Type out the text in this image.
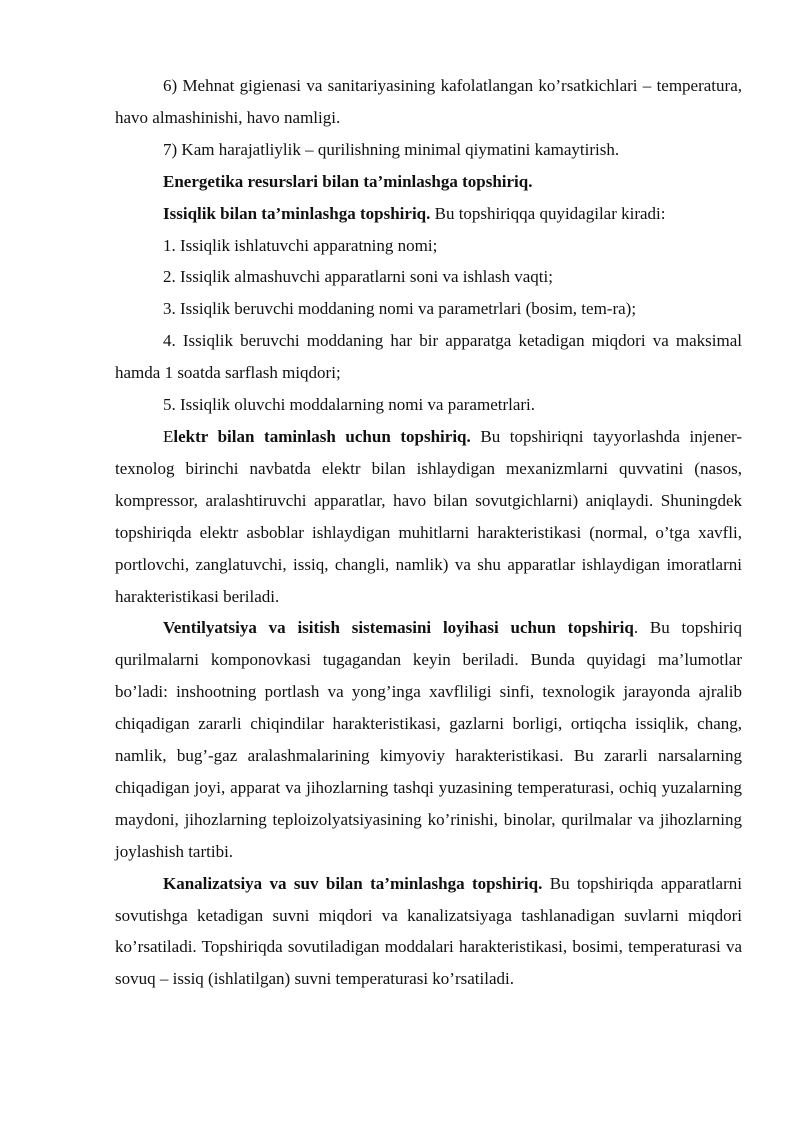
6) Mehnat gigienasi va sanitariyasining kafolatlangan ko’rsatkichlari – temperatura, havo almashinishi, havo namligi.

7) Kam harajatliylik – qurilishning minimal qiymatini kamaytirish.

Energetika resurslari bilan ta’minlashga topshiriq.

Issiqlik bilan ta’minlashga topshiriq. Bu topshiriqqa quyidagilar kiradi:

1. Issiqlik ishlatuvchi apparatning nomi;

2. Issiqlik almashuvchi apparatlarni soni va ishlash vaqti;

3. Issiqlik beruvchi moddaning nomi va parametrlari (bosim, tem-ra);

4. Issiqlik beruvchi moddaning har bir apparatga ketadigan miqdori va maksimal hamda 1 soatda sarflash miqdori;

5. Issiqlik oluvchi moddalarning nomi va parametrlari.

Elektr bilan taminlash uchun topshiriq. Bu topshiriqni tayyorlashda injener-texnolog birinchi navbatda elektr bilan ishlaydigan mexanizmlarni quvvatini (nasos, kompressor, aralashtiruvchi apparatlar, havo bilan sovutgichlarni) aniqlaydi. Shuningdek topshiriqda elektr asboblar ishlaydigan muhitlarni harakteristikasi (normal, o’tga xavfli, portlovchi, zanglatuvchi, issiq, changli, namlik) va shu apparatlar ishlaydigan imoratlarni harakteristikasi beriladi.

Ventilyatsiya va isitish sistemasini loyihasi uchun topshiriq. Bu topshiriq qurilmalarni komponovkasi tugagandan keyin beriladi. Bunda quyidagi ma’lumotlar bo’ladi: inshootning portlash va yong’inga xavfliligi sinfi, texnologik jarayonda ajralib chiqadigan zararli chiqindilar harakteristikasi, gazlarni borligi, ortiqcha issiqlik, chang, namlik, bug’-gaz aralashmalarining kimyoviy harakteristikasi. Bu zararli narsalarning chiqadigan joyi, apparat va jihozlarning tashqi yuzasining temperaturasi, ochiq yuzalarning maydoni, jihozlarning teploizolyatsiyasining ko’rinishi, binolar, qurilmalar va jihozlarning joylashish tartibi.

Kanalizatsiya va suv bilan ta’minlashga topshiriq. Bu topshiriqda apparatlarni sovutishga ketadigan suvni miqdori va kanalizatsiyaga tashlanadigan suvlarni miqdori ko’rsatiladi. Topshiriqda sovutiladigan moddalari harakteristikasi, bosimi, temperaturasi va sovuq – issiq (ishlatilgan) suvni temperaturasi ko’rsatiladi.
